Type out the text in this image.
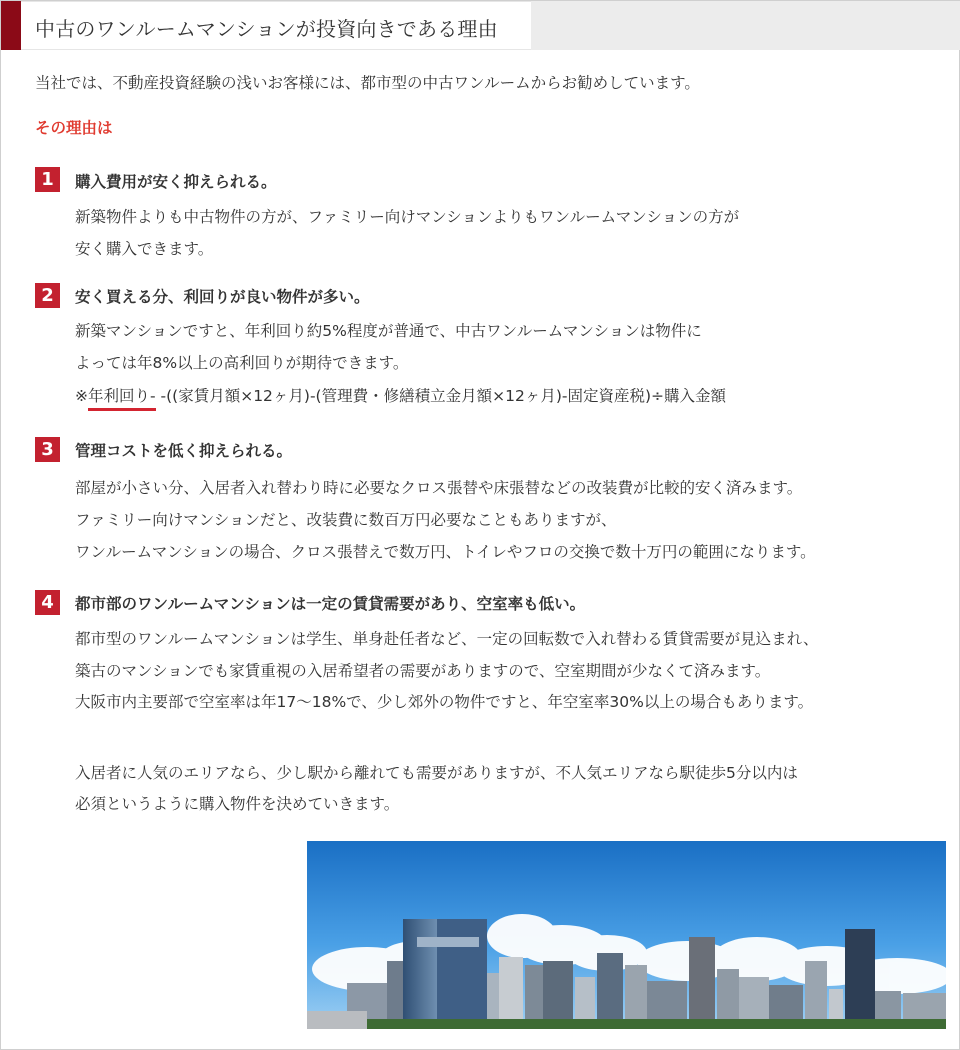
中古のワンルームマンションが投資向きである理由
当社では、不動産投資経験の浅いお客様には、都市型の中古ワンルームからお勧めしています。
その理由は
1	購入費用が安く抑えられる。
新築物件よりも中古物件の方が、ファミリー向けマンションよりもワンルームマンションの方が
安く購入できます。
2	安く買える分、利回りが良い物件が多い。
新築マンションですと、年利回り約5%程度が普通で、中古ワンルームマンションは物件に
よっては年8%以上の高利回りが期待できます。
※年利回り- -((家賃月額×12ヶ月)-(管理費・修繕積立金月額×12ヶ月)-固定資産税)÷購入金額
3	管理コストを低く抑えられる。
部屋が小さい分、入居者入れ替わり時に必要なクロス張替や床張替などの改装費が比較的安く済みます。
ファミリー向けマンションだと、改装費に数百万円必要なこともありますが、
ワンルームマンションの場合、クロス張替えで数万円、トイレやフロの交換で数十万円の範囲になります。
4	都市部のワンルームマンションは一定の賃貸需要があり、空室率も低い。
都市型のワンルームマンションは学生、単身赴任者など、一定の回転数で入れ替わる賃貸需要が見込まれ、
築古のマンションでも家賃重視の入居希望者の需要がありますので、空室期間が少なくて済みます。
大阪市内主要部で空室率は年17～18%で、少し郊外の物件ですと、年空室率30%以上の場合もあります。
入居者に人気のエリアなら、少し駅から離れても需要がありますが、不人気エリアなら駅徒歩5分以内は
必須というように購入物件を決めていきます。
